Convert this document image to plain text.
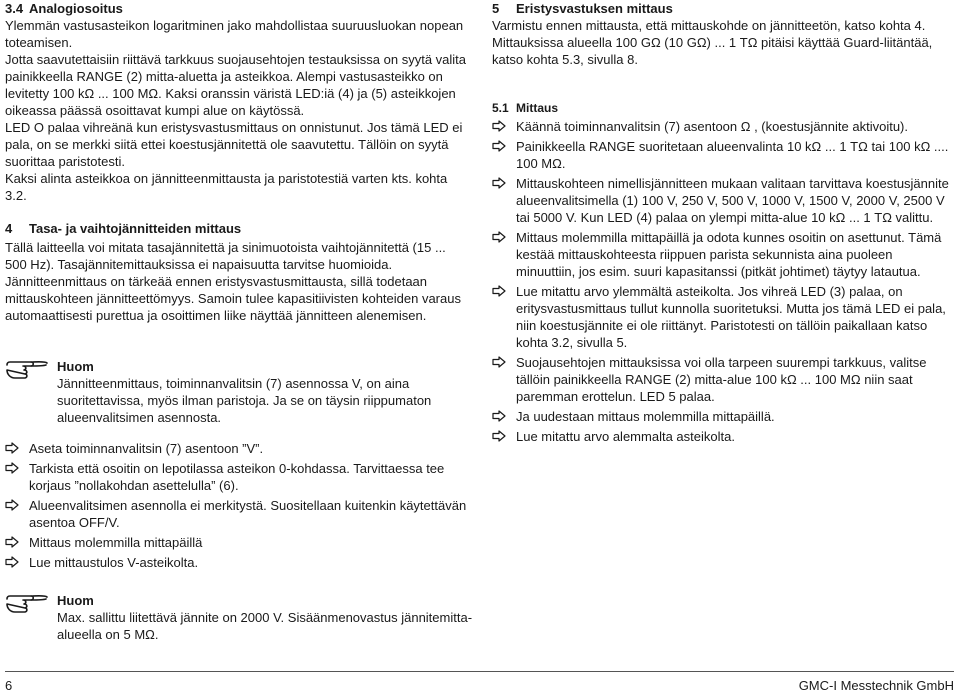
3.4 Analogiosoitus

Ylemmän vastusasteikon logaritminen jako mahdollistaa suuruusluokan nopean toteamisen.

Jotta saavutettaisiin riittävä tarkkuus suojausehtojen testauksissa on syytä valita painikkeella RANGE (2) mitta-aluetta ja asteikkoa. Alempi vastusasteikko on levitetty 100 kΩ ... 100 MΩ. Kaksi oranssin väristä LED:iä (4) ja (5) asteikkojen oikeassa päässä osoittavat kumpi alue on käytössä.

LED O palaa vihreänä kun eristysvastusmittaus on onnistunut. Jos tämä LED ei pala, on se merkki siitä ettei koestusjännitettä ole saavutettu. Tällöin on syytä suorittaa paristotesti.

Kaksi alinta asteikkoa on jännitteenmittausta ja paristotestiä varten kts. kohta 3.2.

4 Tasa- ja vaihtojännitteiden mittaus

Tällä laitteella voi mitata tasajännitettä ja sinimuotoista vaihtojännitettä (15 ... 500 Hz). Tasajännitemittauksissa ei napaisuutta tarvitse huomioida.

Jännitteenmittaus on tärkeää ennen eristysvastusmittausta, sillä todetaan mittauskohteen jännitteettömyys. Samoin tulee kapasitiivisten kohteiden varaus automaattisesti purettua ja osoittimen liike näyttää jännitteen alenemisen.

Huom

Jännitteenmittaus, toiminnanvalitsin (7) asennossa V, on aina suoritettavissa, myös ilman paristoja. Ja se on täysin riippumaton alueenvalitsimen asennosta.

Aseta toiminnanvalitsin (7) asentoon ”V”.
Tarkista että osoitin on lepotilassa asteikon 0-kohdassa. Tarvittaessa tee korjaus ”nollakohdan asettelulla” (6).
Alueenvalitsimen asennolla ei merkitystä. Suositellaan kuitenkin käytettävän asentoa OFF/V.
Mittaus molemmilla mittapäillä
Lue mittaustulos V-asteikolta.
Huom

Max. sallittu liitettävä jännite on 2000 V. Sisäänmenovastus jännitemitta-alueella on 5 MΩ.

5 Eristysvastuksen mittaus

Varmistu ennen mittausta, että mittauskohde on jännitteetön, katso kohta 4.

Mittauksissa alueella 100 GΩ (10 GΩ) ... 1 TΩ pitäisi käyttää Guard-liitäntää, katso kohta 5.3, sivulla 8.

5.1 Mittaus
Käännä toiminnanvalitsin (7) asentoon Ω , (koestusjännite aktivoitu).
Painikkeella RANGE suoritetaan alueenvalinta 10 kΩ ... 1 TΩ tai 100 kΩ .... 100 MΩ.
Mittauskohteen nimellisjännitteen mukaan valitaan tarvittava koestusjännite alueenvalitsimella (1) 100 V, 250 V, 500 V, 1000 V, 1500 V, 2000 V, 2500 V tai 5000 V. Kun LED (4) palaa on ylempi mitta-alue 10 kΩ ... 1 TΩ valittu.
Mittaus molemmilla mittapäillä ja odota kunnes osoitin on asettunut. Tämä kestää mittauskohteesta riippuen parista sekunnista aina puoleen minuuttiin, jos esim. suuri kapasitanssi (pitkät johtimet) täytyy latautua.
Lue mitattu arvo ylemmältä asteikolta. Jos vihreä LED (3) palaa, on eritysvastusmittaus tullut kunnolla suoritetuksi. Mutta jos tämä LED ei pala, niin koestusjännite ei ole riittänyt. Paristotesti on tällöin paikallaan katso kohta 3.2, sivulla 5.
Suojausehtojen mittauksissa voi olla tarpeen suurempi tarkkuus, valitse tällöin painikkeella RANGE (2) mitta-alue 100 kΩ ... 100 MΩ niin saat paremman erottelun. LED 5 palaa.
Ja uudestaan mittaus molemmilla mittapäillä.
Lue mitattu arvo alemmalta asteikolta.
6	GMC-I Messtechnik GmbH
